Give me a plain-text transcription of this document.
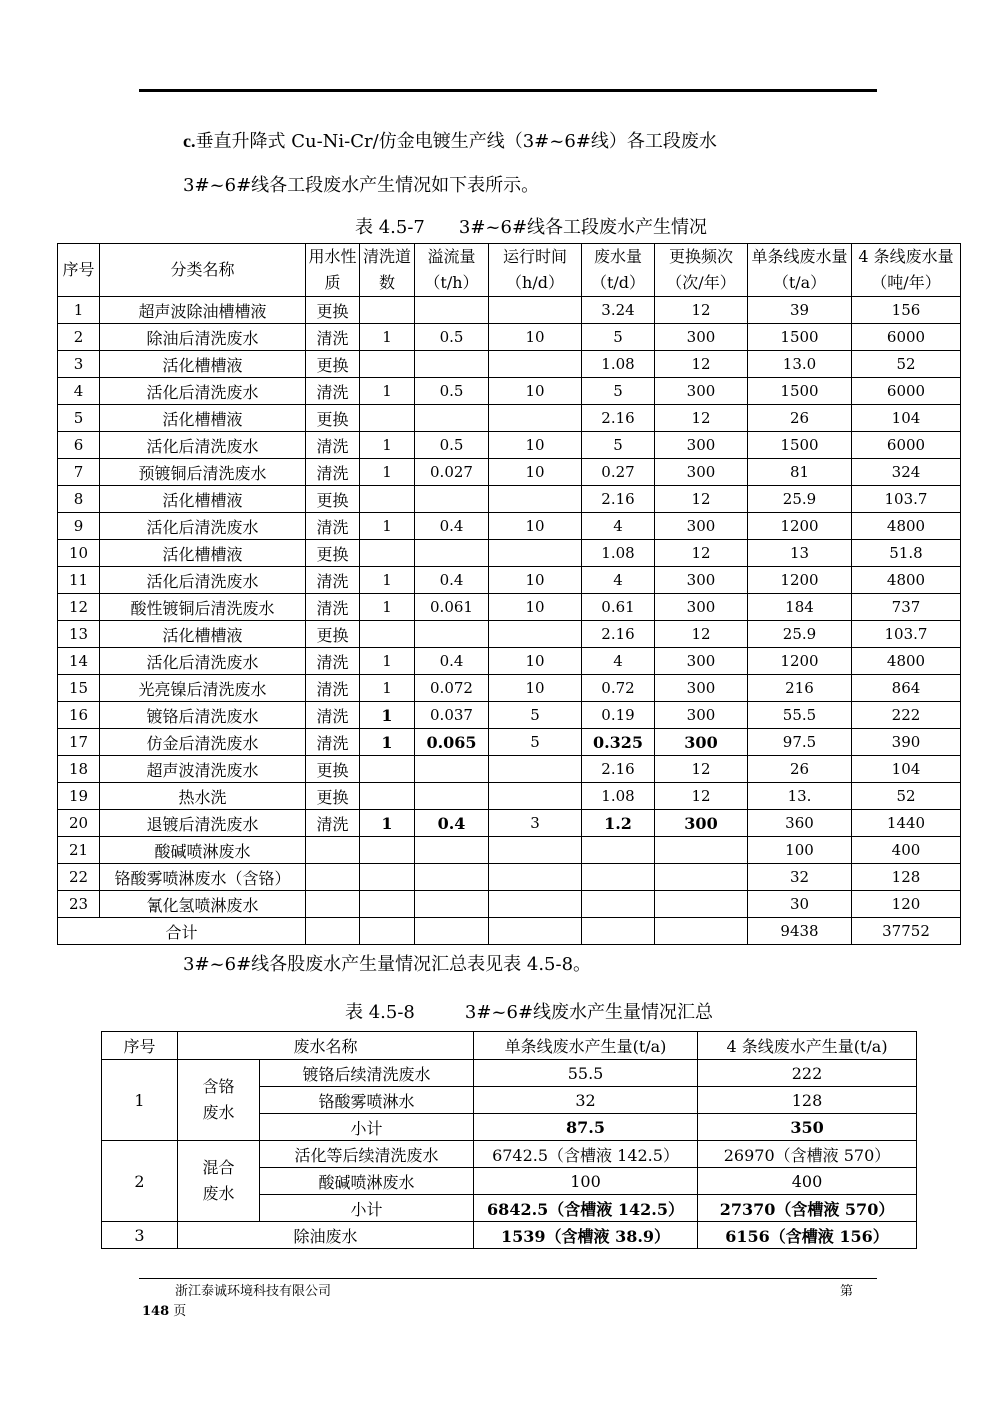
c.垂直升降式 Cu-Ni-Cr/仿金电镀生产线（3#~6#线）各工段废水
3#~6#线各工段废水产生情况如下表所示。
表 4.5-7 3#~6#线各工段废水产生情况
序号	分类名称	用水性质	清洗道数	溢流量（t/h）	运行时间（h/d）	废水量（t/d）	更换频次（次/年）	单条线废水量（t/a）	4 条线废水量（吨/年）
1	超声波除油槽槽液	更换				3.24	12	39	156
2	除油后清洗废水	清洗	1	0.5	10	5	300	1500	6000
3	活化槽槽液	更换				1.08	12	13.0	52
4	活化后清洗废水	清洗	1	0.5	10	5	300	1500	6000
5	活化槽槽液	更换				2.16	12	26	104
6	活化后清洗废水	清洗	1	0.5	10	5	300	1500	6000
7	预镀铜后清洗废水	清洗	1	0.027	10	0.27	300	81	324
8	活化槽槽液	更换				2.16	12	25.9	103.7
9	活化后清洗废水	清洗	1	0.4	10	4	300	1200	4800
10	活化槽槽液	更换				1.08	12	13	51.8
11	活化后清洗废水	清洗	1	0.4	10	4	300	1200	4800
12	酸性镀铜后清洗废水	清洗	1	0.061	10	0.61	300	184	737
13	活化槽槽液	更换				2.16	12	25.9	103.7
14	活化后清洗废水	清洗	1	0.4	10	4	300	1200	4800
15	光亮镍后清洗废水	清洗	1	0.072	10	0.72	300	216	864
16	镀铬后清洗废水	清洗	1	0.037	5	0.19	300	55.5	222
17	仿金后清洗废水	清洗	1	0.065	5	0.325	300	97.5	390
18	超声波清洗废水	更换				2.16	12	26	104
19	热水洗	更换				1.08	12	13.	52
20	退镀后清洗废水	清洗	1	0.4	3	1.2	300	360	1440
21	酸碱喷淋废水							100	400
22	铬酸雾喷淋废水（含铬）							32	128
23	氰化氢喷淋废水							30	120
合计								9438	37752
3#~6#线各股废水产生量情况汇总表见表 4.5-8。
表 4.5-8	3#~6#线废水产生量情况汇总
序号	废水名称		单条线废水产生量(t/a)	4 条线废水产生量(t/a)
1	含铬废水	镀铬后续清洗废水	55.5	222
		铬酸雾喷淋水	32	128
		小计	87.5	350
2	混合废水	活化等后续清洗废水	6742.5（含槽液 142.5）	26970（含槽液 570）
		酸碱喷淋废水	100	400
		小计	6842.5（含槽液 142.5）	27370（含槽液 570）
3	除油废水		1539（含槽液 38.9）	6156（含槽液 156）
浙江泰诚环境科技有限公司	第
148 页
